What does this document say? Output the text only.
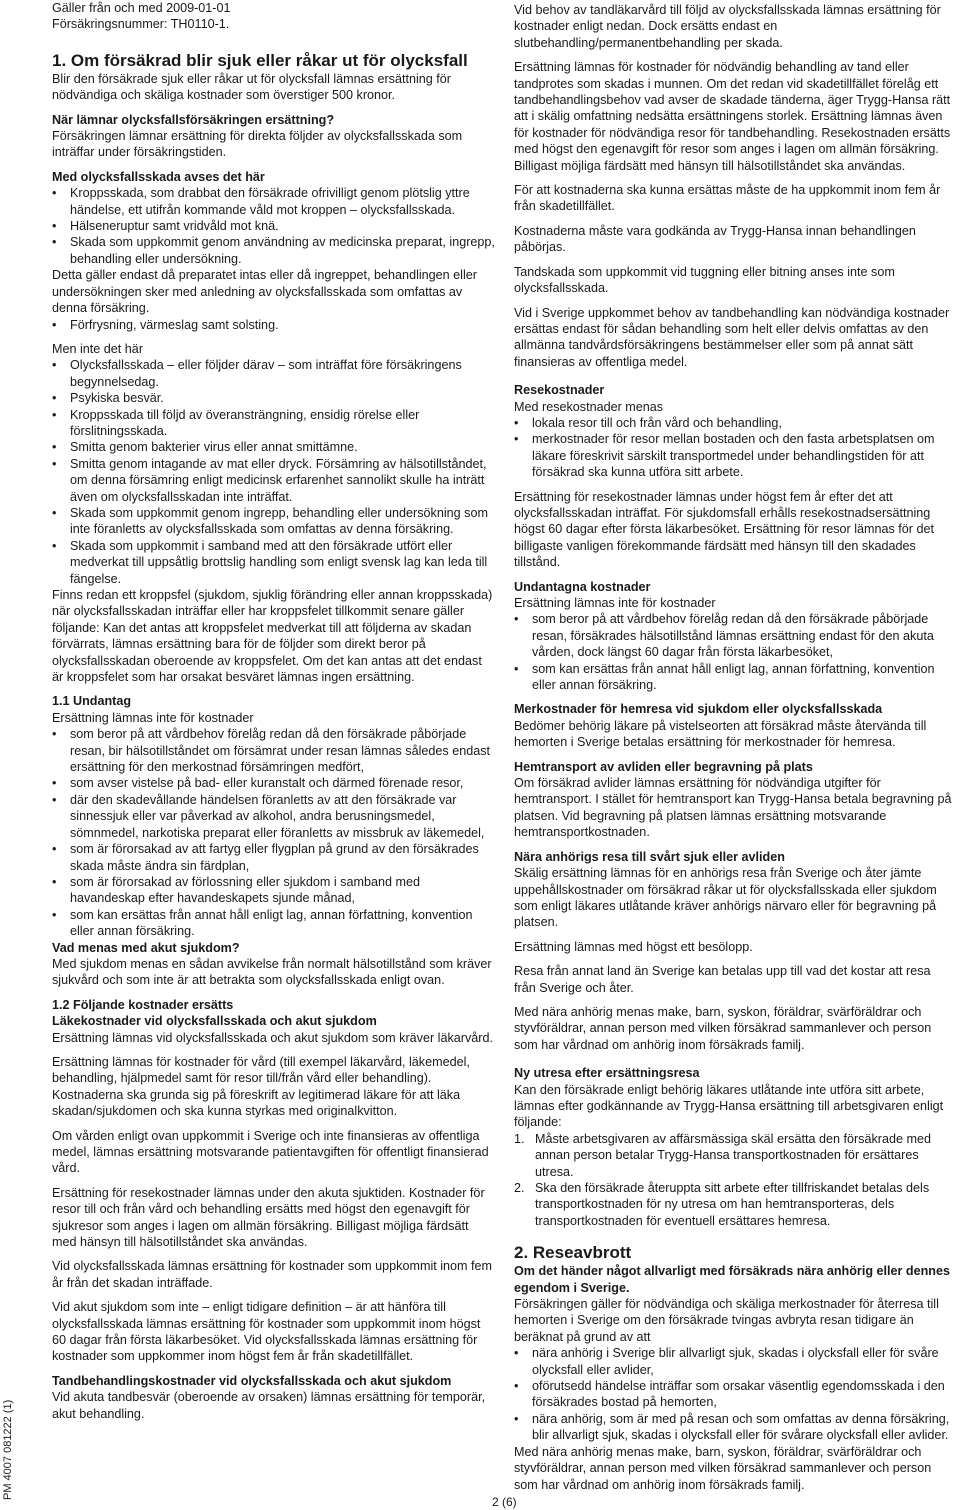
PM 4007 081222 (1)

Gäller från och med 2009-01-01

Försäkringsnummer: TH0110-1.

1. Om försäkrad blir sjuk eller råkar ut för olycksfall

Blir den försäkrade sjuk eller råkar ut för olycksfall lämnas ersättning för nödvändiga och skäliga kostnader som överstiger 500 kronor.

När lämnar olycksfallsförsäkringen ersättning?

Försäkringen lämnar ersättning för direkta följder av olycksfallsskada som inträffar under försäkringstiden.

Med olycksfallsskada avses det här

• Kroppsskada, som drabbat den försäkrade ofrivilligt genom plötslig yttre händelse, ett utifrån kommande våld mot kroppen – olycksfallsskada.
• Hälseneruptur samt vridvåld mot knä.
• Skada som uppkommit genom användning av medicinska preparat, ingrepp, behandling eller undersökning.

Detta gäller endast då preparatet intas eller då ingreppet, behandlingen eller undersökningen sker med anledning av olycksfallsskada som omfattas av denna försäkring.

• Förfrysning, värmeslag samt solsting.

Men inte det här

• Olycksfallsskada – eller följder därav – som inträffat före försäkringens begynnelsedag.
• Psykiska besvär.
• Kroppsskada till följd av överansträngning, ensidig rörelse eller förslitningsskada.
• Smitta genom bakterier virus eller annat smittämne.
• Smitta genom intagande av mat eller dryck. Försämring av hälsotillståndet, om denna försämring enligt medicinsk erfarenhet sannolikt skulle ha inträtt även om olycksfallsskadan inte inträffat.
• Skada som uppkommit genom ingrepp, behandling eller undersökning som inte föranletts av olycksfallsskada som omfattas av denna försäkring.
• Skada som uppkommit i samband med att den försäkrade utfört eller medverkat till uppsåtlig brottslig handling som enligt svensk lag kan leda till fängelse.

Finns redan ett kroppsfel (sjukdom, sjuklig förändring eller annan kroppsskada) när olycksfallsskadan inträffar eller har kroppsfelet tillkommit senare gäller följande: Kan det antas att kroppsfelet medverkat till att följderna av skadan förvärrats, lämnas ersättning bara för de följder som direkt beror på olycksfallsskadan oberoende av kroppsfelet. Om det kan antas att det endast är kroppsfelet som har orsakat besväret lämnas ingen ersättning.

1.1 Undantag

Ersättning lämnas inte för kostnader

• som beror på att vårdbehov förelåg redan då den försäkrade påbörjade resan, bir hälsotillståndet om försämrat under resan lämnas således endast ersättning för den merkostnad försämringen medfört,
• som avser vistelse på bad- eller kuranstalt och därmed förenade resor,
• där den skadevållande händelsen föranletts av att den försäkrade var sinnessjuk eller var påverkad av alkohol, andra berusningsmedel, sömnmedel, narkotiska preparat eller föranletts av missbruk av läkemedel,
• som är förorsakad av att fartyg eller flygplan på grund av den försäkrades skada måste ändra sin färdplan,
• som är förorsakad av förlossning eller sjukdom i samband med havandeskap efter havandeskapets sjunde månad,
• som kan ersättas från annat håll enligt lag, annan författning, konvention eller annan försäkring.

Vad menas med akut sjukdom?

Med sjukdom menas en sådan avvikelse från normalt hälsotillstånd som kräver sjukvård och som inte är att betrakta som olycksfallsskada enligt ovan.

1.2 Följande kostnader ersätts

Läkekostnader vid olycksfallsskada och akut sjukdom

Ersättning lämnas vid olycksfallsskada och akut sjukdom som kräver läkarvård.

Ersättning lämnas för kostnader för vård (till exempel läkarvård, läkemedel, behandling, hjälpmedel samt för resor till/från vård eller behandling). Kostnaderna ska grunda sig på föreskrift av legitimerad läkare för att läka skadan/sjukdomen och ska kunna styrkas med originalkvitton.

Om vården enligt ovan uppkommit i Sverige och inte finansieras av offentliga medel, lämnas ersättning motsvarande patientavgiften för offentligt finansierad vård.

Ersättning för resekostnader lämnas under den akuta sjuktiden. Kostnader för resor till och från vård och behandling ersätts med högst den egenavgift för sjukresor som anges i lagen om allmän försäkring. Billigast möjliga färdsätt med hänsyn till hälsotillståndet ska användas.

Vid olycksfallsskada lämnas ersättning för kostnader som uppkommit inom fem år från det skadan inträffade.

Vid akut sjukdom som inte – enligt tidigare definition – är att hänföra till olycksfallsskada lämnas ersättning för kostnader som uppkommit inom högst 60 dagar från första läkarbesöket. Vid olycksfallsskada lämnas ersättning för kostnader som uppkommer inom högst fem år från skadetillfället.

Tandbehandlingskostnader vid olycksfallsskada och akut sjukdom

Vid akuta tandbesvär (oberoende av orsaken) lämnas ersättning för temporär, akut behandling.

Vid behov av tandläkarvård till följd av olycksfallsskada lämnas ersättning för kostnader enligt nedan. Dock ersätts endast en slutbehandling/permanentbehandling per skada.

Ersättning lämnas för kostnader för nödvändig behandling av tand eller tandprotes som skadas i munnen. Om det redan vid skadetillfället förelåg ett tandbehandlingsbehov vad avser de skadade tänderna, äger Trygg-Hansa rätt att i skälig omfattning nedsätta ersättningens storlek. Ersättning lämnas även för kostnader för nödvändiga resor för tandbehandling. Resekostnaden ersätts med högst den egenavgift för resor som anges i lagen om allmän försäkring. Billigast möjliga färdsätt med hänsyn till hälsotillståndet ska användas.

För att kostnaderna ska kunna ersättas måste de ha uppkommit inom fem år från skadetillfället.

Kostnaderna måste vara godkända av Trygg-Hansa innan behandlingen påbörjas.

Tandskada som uppkommit vid tuggning eller bitning anses inte som olycksfallsskada.

Vid i Sverige uppkommet behov av tandbehandling kan nödvändiga kostnader ersättas endast för sådan behandling som helt eller delvis omfattas av den allmänna tandvårdsförsäkringens bestämmelser eller som på annat sätt finansieras av offentliga medel.

Resekostnader

Med resekostnader menas

• lokala resor till och från vård och behandling,
• merkostnader för resor mellan bostaden och den fasta arbetsplatsen om läkare föreskrivit särskilt transportmedel under behandlingstiden för att försäkrad ska kunna utföra sitt arbete.

Ersättning för resekostnader lämnas under högst fem år efter det att olycksfallsskadan inträffat. För sjukdomsfall erhålls resekostnadsersättning högst 60 dagar efter första läkarbesöket. Ersättning för resor lämnas för det billigaste vanligen förekommande färdsätt med hänsyn till den skadades tillstånd.

Undantagna kostnader

Ersättning lämnas inte för kostnader

• som beror på att vårdbehov förelåg redan då den försäkrade påbörjade resan, försäkrades hälsotillstånd lämnas ersättning endast för den akuta vården, dock längst 60 dagar från första läkarbesöket,
• som kan ersättas från annat håll enligt lag, annan författning, konvention eller annan försäkring.

Merkostnader för hemresa vid sjukdom eller olycksfallsskada

Bedömer behörig läkare på vistelseorten att försäkrad måste återvända till hemorten i Sverige betalas ersättning för merkostnader för hemresa.

Hemtransport av avliden eller begravning på plats

Om försäkrad avlider lämnas ersättning för nödvändiga utgifter för hemtransport. I stället för hemtransport kan Trygg-Hansa betala begravning på platsen. Vid begravning på platsen lämnas ersättning motsvarande hemtransportkostnaden.

Nära anhörigs resa till svårt sjuk eller avliden

Skälig ersättning lämnas för en anhörigs resa från Sverige och åter jämte uppehållskostnader om försäkrad råkar ut för olycksfallsskada eller sjukdom som enligt läkares utlåtande kräver anhörigs närvaro eller för begravning på platsen.

Ersättning lämnas med högst ett besölopp.

Resa från annat land än Sverige kan betalas upp till vad det kostar att resa från Sverige och åter.

Med nära anhörig menas make, barn, syskon, föräldrar, svärföräldrar och styvföräldrar, annan person med vilken försäkrad sammanlever och person som har vårdnad om anhörig inom försäkrads familj.

Ny utresa efter ersättningsresa

Kan den försäkrade enligt behörig läkares utlåtande inte utföra sitt arbete, lämnas efter godkännande av Trygg-Hansa ersättning till arbetsgivaren enligt följande:

1. Måste arbetsgivaren av affärsmässiga skäl ersätta den försäkrade med annan person betalar Trygg-Hansa transportkostnaden för ersättares utresa.
2. Ska den försäkrade återuppta sitt arbete efter tillfriskandet betalas dels transportkostnaden för ny utresa om han hemtransporteras, dels transportkostnaden för eventuell ersättares hemresa.

2. Reseavbrott

Om det händer något allvarligt med försäkrads nära anhörig eller dennes egendom i Sverige.

Försäkringen gäller för nödvändiga och skäliga merkostnader för återresa till hemorten i Sverige om den försäkrade tvingas avbryta resan tidigare än beräknat på grund av att

• nära anhörig i Sverige blir allvarligt sjuk, skadas i olycksfall eller för svåre olycksfall eller avlider,
• oförutsedd händelse inträffar som orsakar väsentlig egendomsskada i den försäkrades bostad på hemorten,
• nära anhörig, som är med på resan och som omfattas av denna försäkring, blir allvarligt sjuk, skadas i olycksfall eller för svårare olycksfall eller avlider.

Med nära anhörig menas make, barn, syskon, föräldrar, svärföräldrar och styvföräldrar, annan person med vilken försäkrad sammanlever och person som har vårdnad om anhörig inom försäkrads familj.

2 (6)
